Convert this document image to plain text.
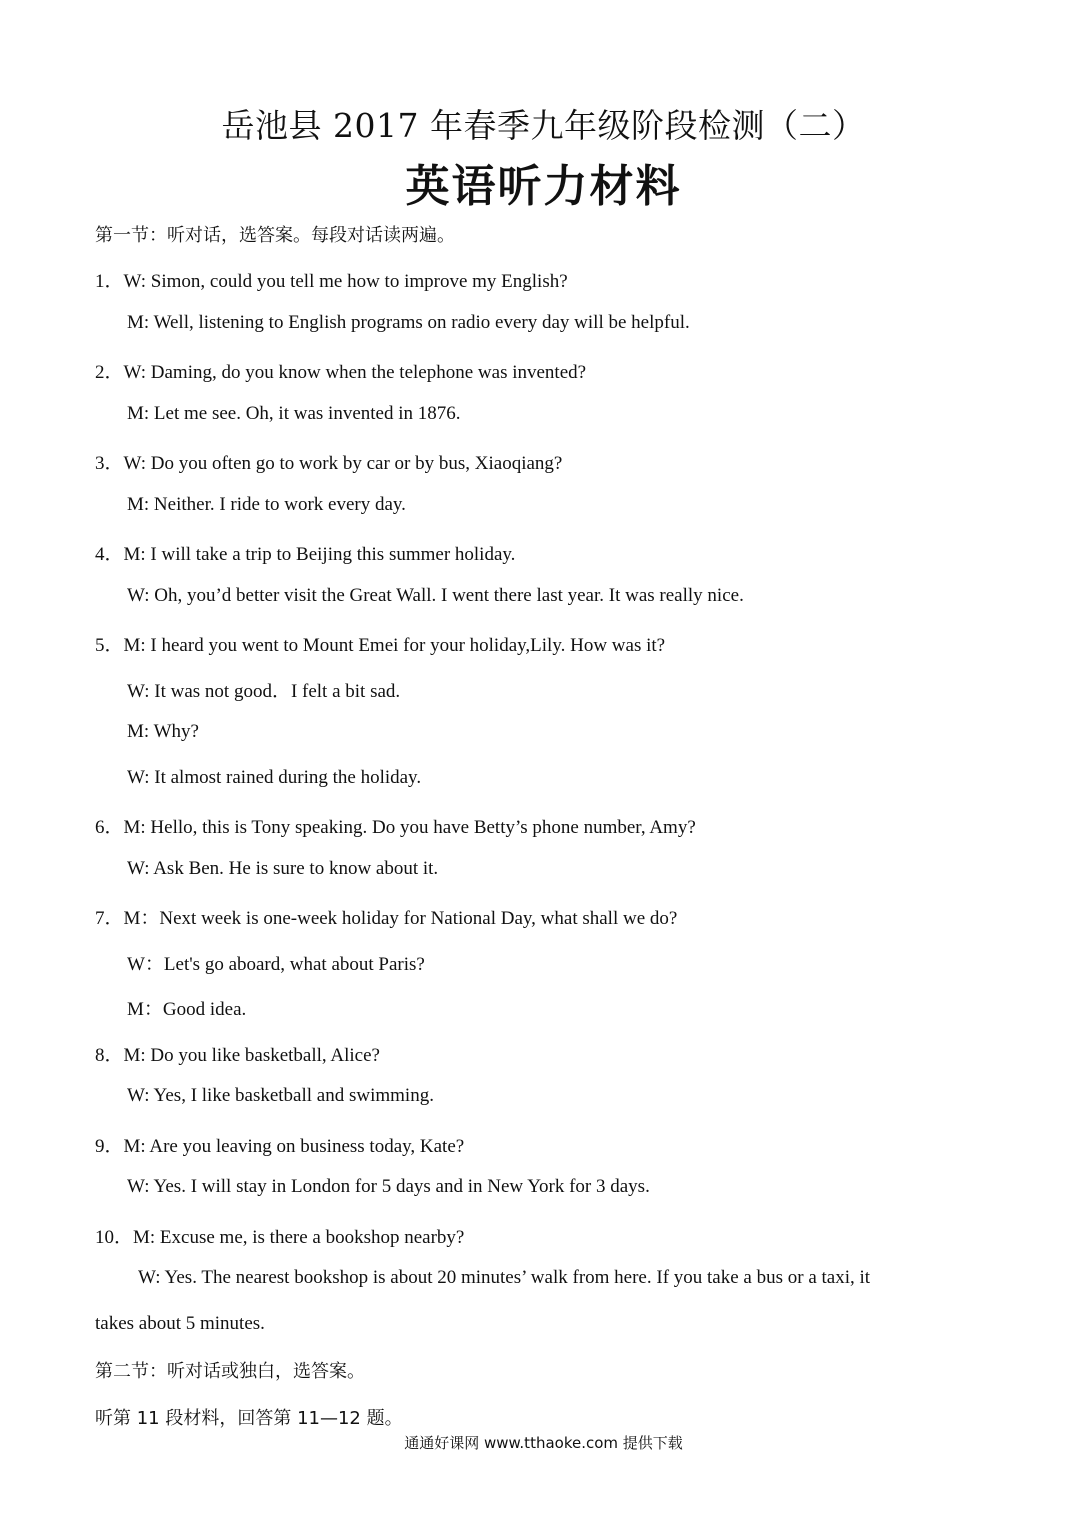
岳池县 2017 年春季九年级阶段检测（二）
英语听力材料
第一节：听对话，选答案。每段对话读两遍。
1．W: Simon, could you tell me how to improve my English?
M: Well, listening to English programs on radio every day will be helpful.
2．W: Daming, do you know when the telephone was invented?
M: Let me see. Oh, it was invented in 1876.
3．W: Do you often go to work by car or by bus, Xiaoqiang?
M: Neither. I ride to work every day.
4．M: I will take a trip to Beijing this summer holiday.
W: Oh, you’d better visit the Great Wall. I went there last year. It was really nice.
5．M: I heard you went to Mount Emei for your holiday,Lily. How was it?
W: It was not good．I felt a bit sad.
M: Why?
W: It almost rained during the holiday.
6．M: Hello, this is Tony speaking. Do you have Betty’s phone number, Amy?
W: Ask Ben. He is sure to know about it.
7．M：Next week is one-week holiday for National Day, what shall we do?
W：Let's go aboard, what about Paris?
M：Good idea.
8．M: Do you like basketball, Alice?
W: Yes, I like basketball and swimming.
9．M: Are you leaving on business today, Kate?
W: Yes. I will stay in London for 5 days and in New York for 3 days.
10．M: Excuse me, is there a bookshop nearby?
W: Yes. The nearest bookshop is about 20 minutes’ walk from here. If you take a bus or a taxi, it
takes about 5 minutes.
第二节：听对话或独白，选答案。
听第 11 段材料，回答第 11—12 题。
通通好课网 www.tthaoke.com 提供下载
